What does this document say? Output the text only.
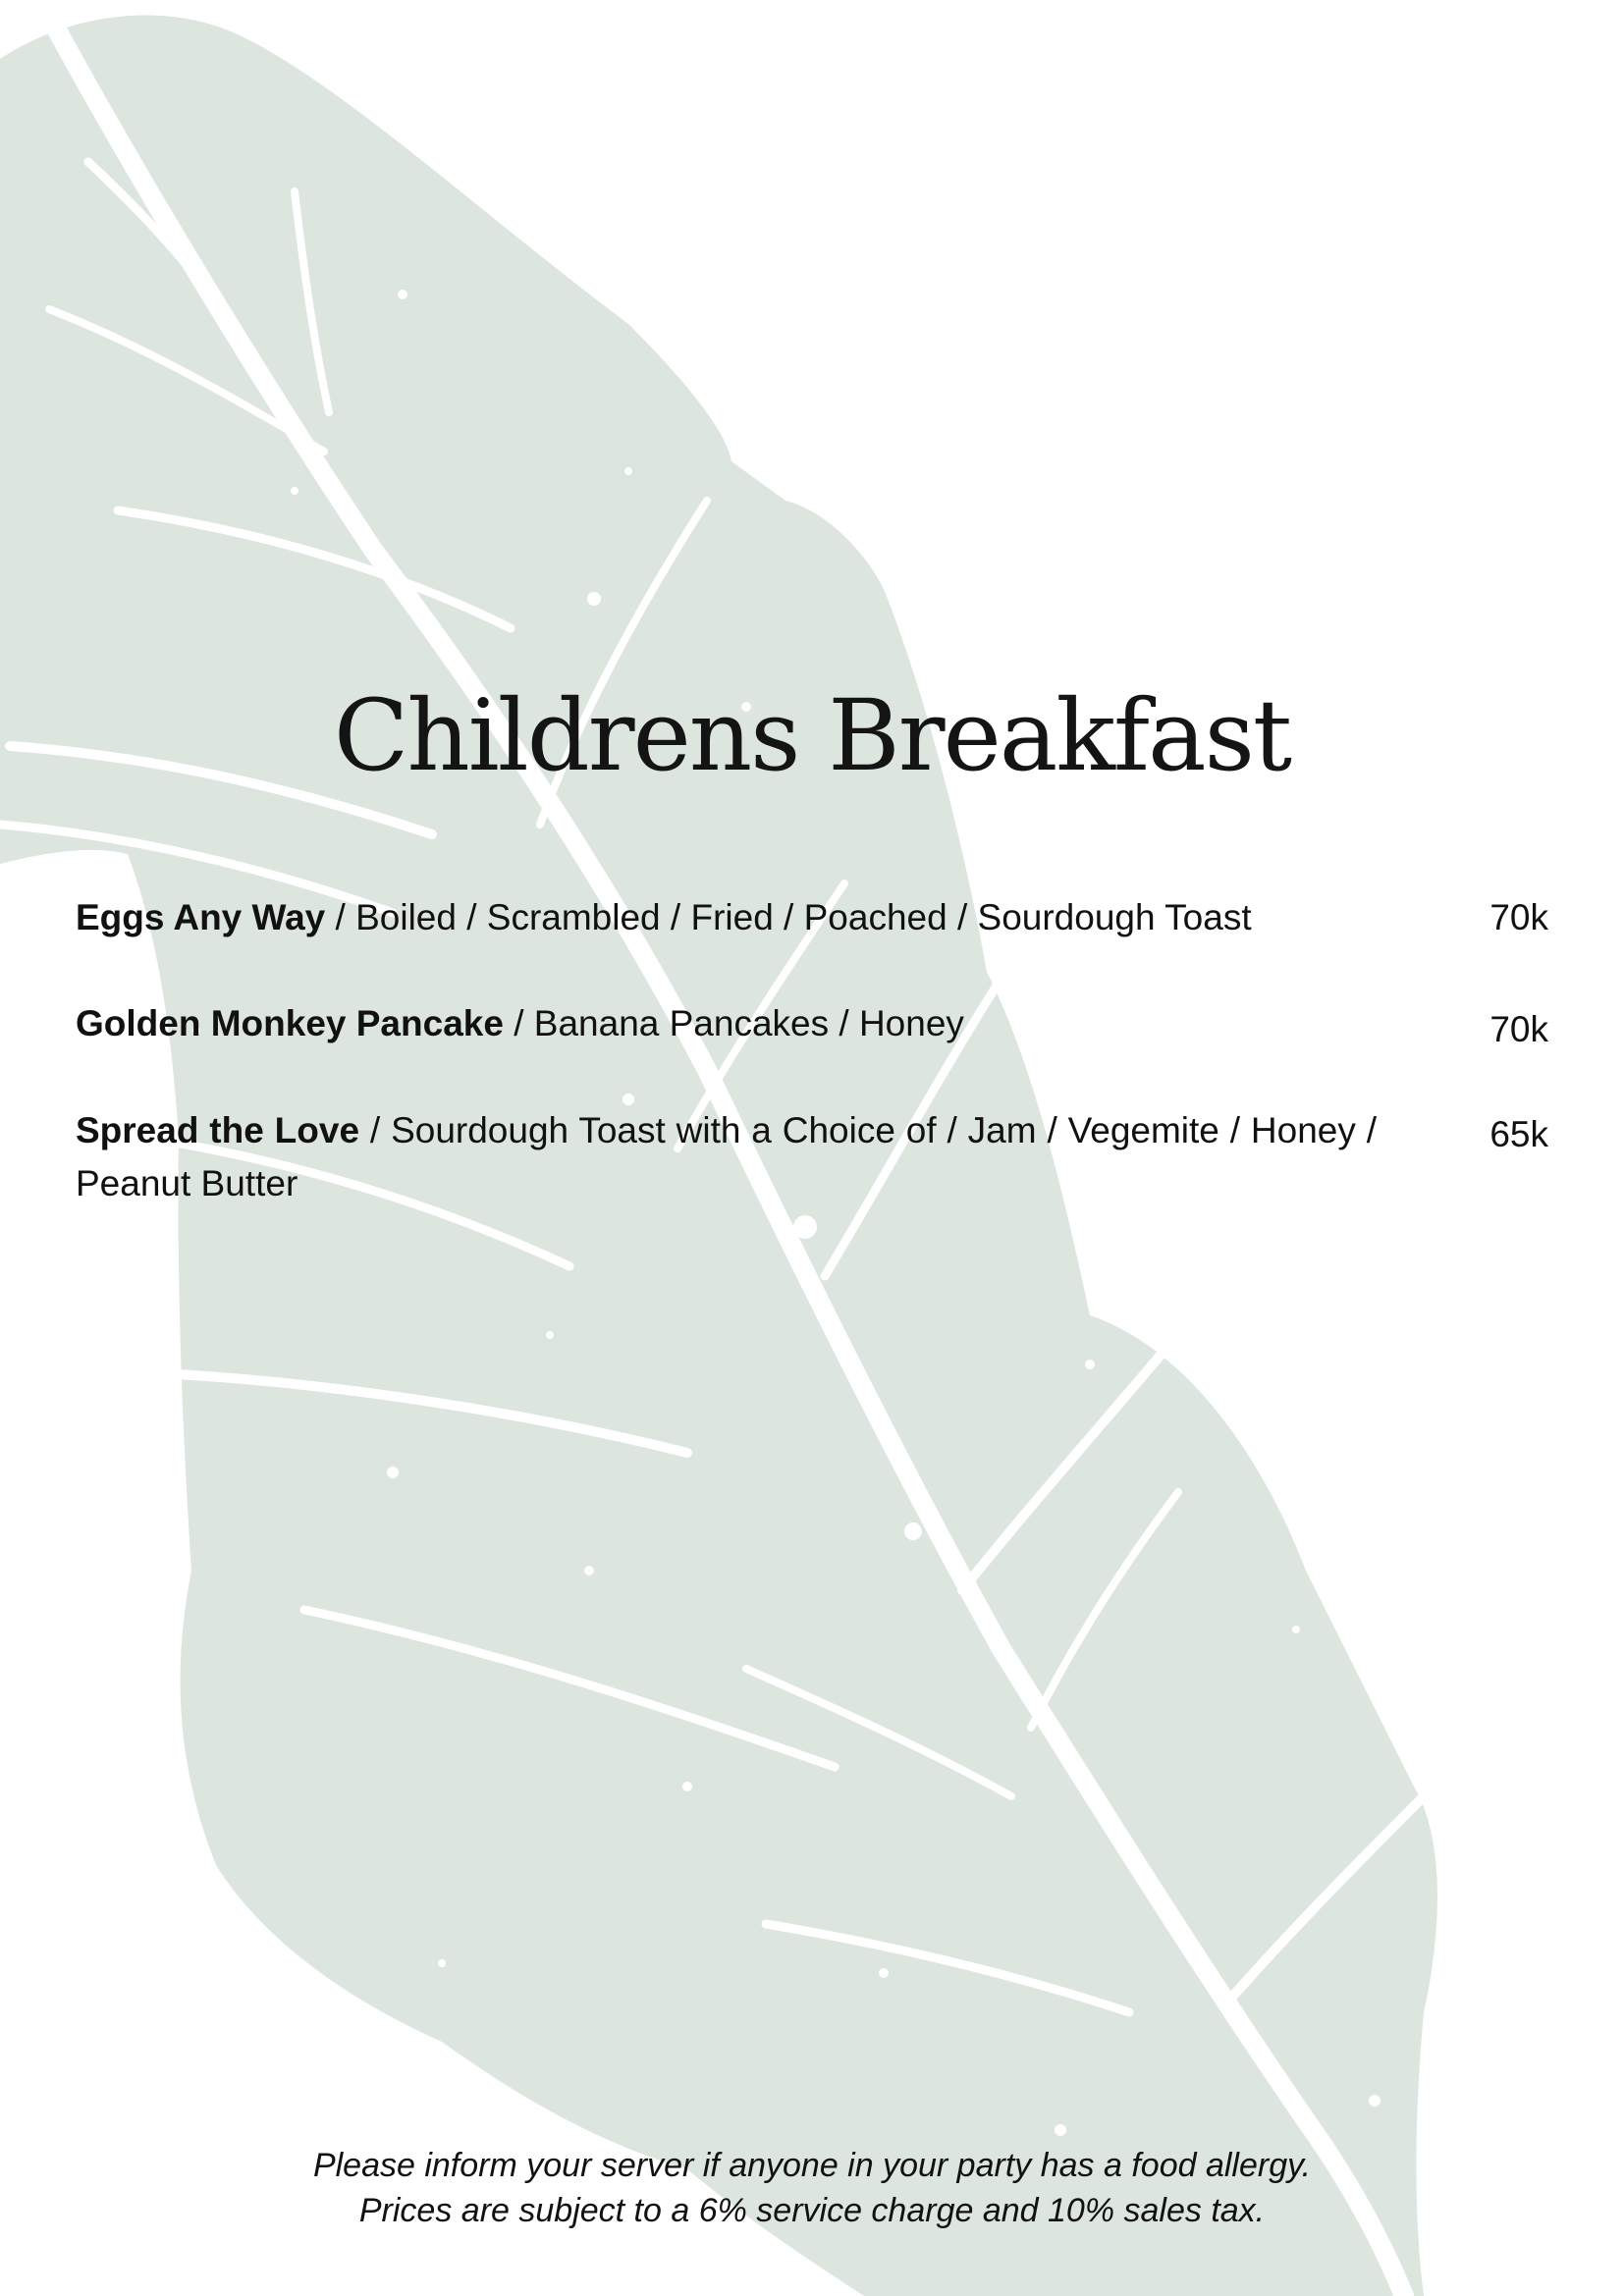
Childrens Breakfast
Eggs Any Way / Boiled / Scrambled / Fried / Poached / Sourdough Toast	70k
Golden Monkey Pancake / Banana Pancakes / Honey	70k
Spread the Love / Sourdough Toast with a Choice of / Jam / Vegemite / Honey / Peanut Butter
65k

Please inform your server if anyone in your party has a food allergy.

Prices are subject to a 6% service charge and 10% sales tax.
